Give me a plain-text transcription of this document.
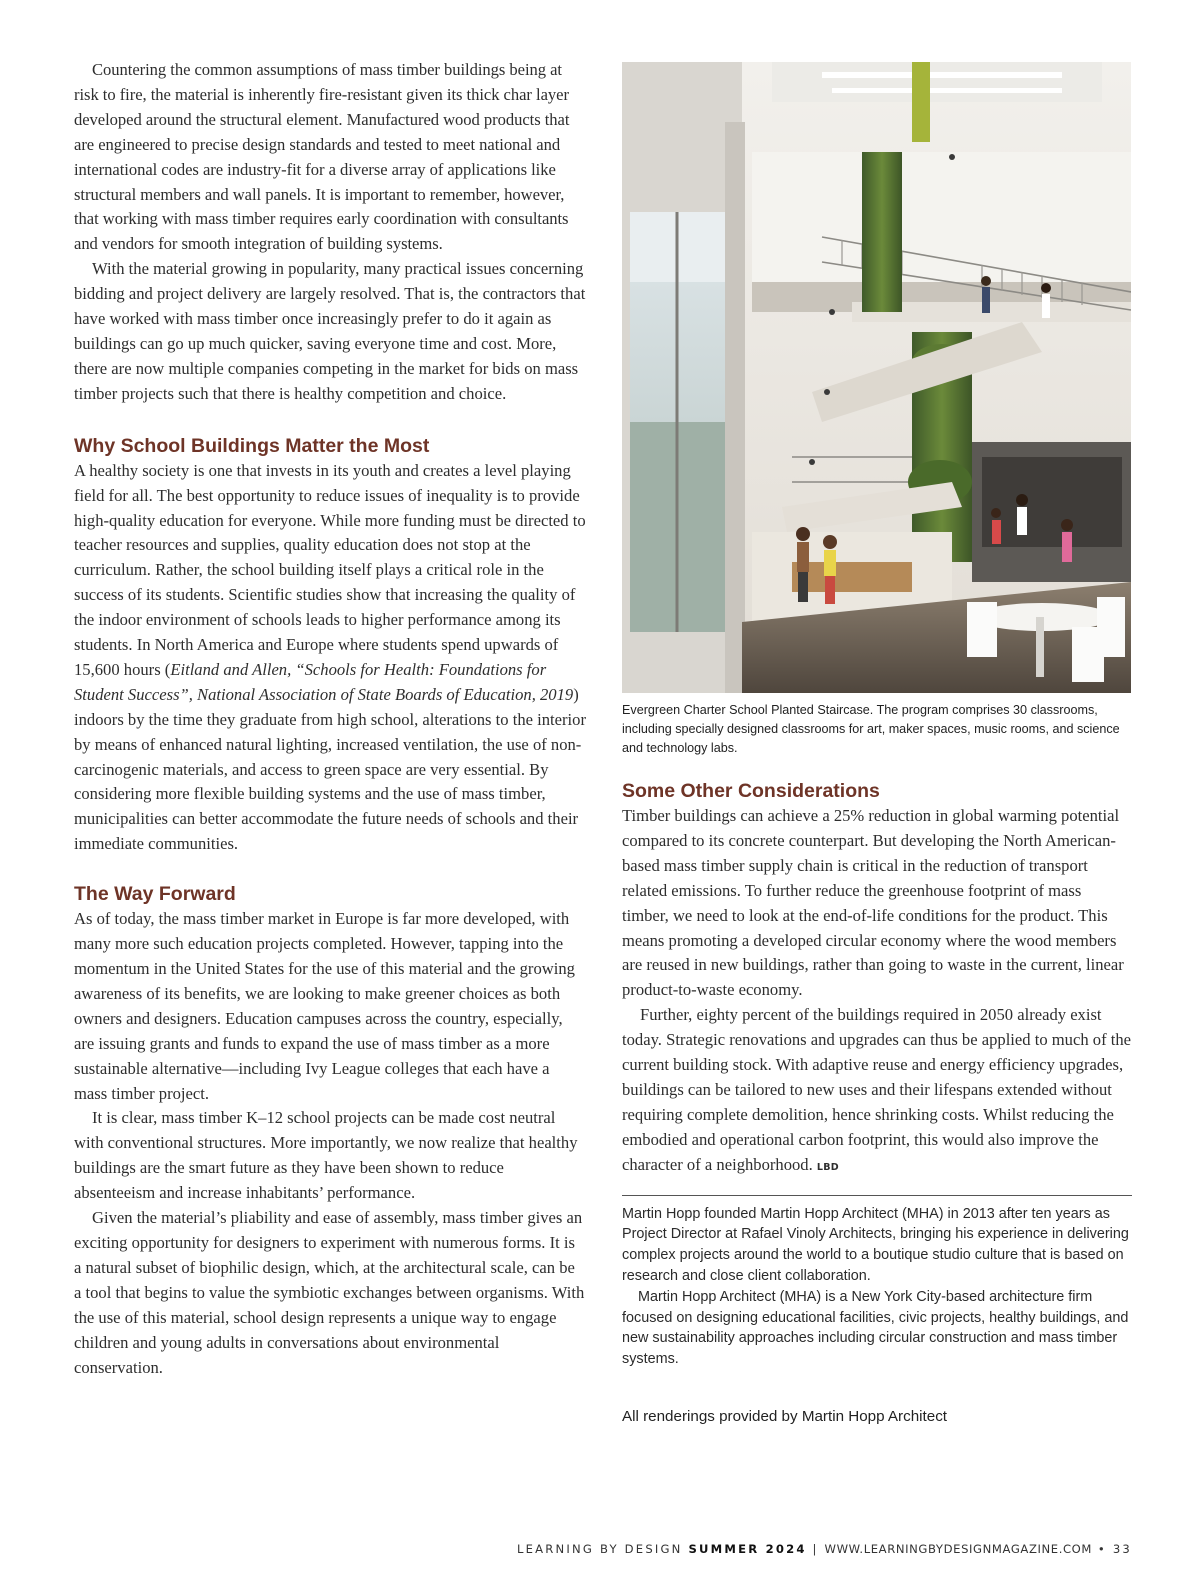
Countering the common assumptions of mass timber buildings being at risk to fire, the material is inherently fire-resistant given its thick char layer developed around the structural element. Manufactured wood products that are engineered to precise design standards and tested to meet national and international codes are industry-fit for a diverse array of applications like structural members and wall panels. It is important to remember, however, that working with mass timber requires early coordination with consultants and vendors for smooth integration of building systems.

With the material growing in popularity, many practical issues concerning bidding and project delivery are largely resolved. That is, the contractors that have worked with mass timber once increasingly prefer to do it again as buildings can go up much quicker, saving everyone time and cost. More, there are now multiple companies competing in the market for bids on mass timber projects such that there is healthy competition and choice.

Why School Buildings Matter the Most

A healthy society is one that invests in its youth and creates a level playing field for all. The best opportunity to reduce issues of inequality is to provide high-quality education for everyone. While more funding must be directed to teacher resources and supplies, quality education does not stop at the curriculum. Rather, the school building itself plays a critical role in the success of its students. Scientific studies show that increasing the quality of the indoor environment of schools leads to higher performance among its students. In North America and Europe where students spend upwards of 15,600 hours (Eitland and Allen, “Schools for Health: Foundations for Student Success”, National Association of State Boards of Education, 2019) indoors by the time they graduate from high school, alterations to the interior by means of enhanced natural lighting, increased ventilation, the use of non-carcinogenic materials, and access to green space are very essential. By considering more flexible building systems and the use of mass timber, municipalities can better accommodate the future needs of schools and their immediate communities.

The Way Forward

As of today, the mass timber market in Europe is far more developed, with many more such education projects completed. However, tapping into the momentum in the United States for the use of this material and the growing awareness of its benefits, we are looking to make greener choices as both owners and designers. Education campuses across the country, especially, are issuing grants and funds to expand the use of mass timber as a more sustainable alternative—including Ivy League colleges that each have a mass timber project.

It is clear, mass timber K–12 school projects can be made cost neutral with conventional structures. More importantly, we now realize that healthy buildings are the smart future as they have been shown to reduce absenteeism and increase inhabitants’ performance.

Given the material’s pliability and ease of assembly, mass timber gives an exciting opportunity for designers to experiment with numerous forms. It is a natural subset of biophilic design, which, at the architectural scale, can be a tool that begins to value the symbiotic exchanges between organisms. With the use of this material, school design represents a unique way to engage children and young adults in conversations about environmental conservation.

Evergreen Charter School Planted Staircase. The program comprises 30 classrooms, including specially designed classrooms for art, maker spaces, music rooms, and science and technology labs.

Some Other Considerations

Timber buildings can achieve a 25% reduction in global warming potential compared to its concrete counterpart. But developing the North American-based mass timber supply chain is critical in the reduction of transport related emissions. To further reduce the greenhouse footprint of mass timber, we need to look at the end-of-life conditions for the product. This means promoting a developed circular economy where the wood members are reused in new buildings, rather than going to waste in the current, linear product-to-waste economy.

Further, eighty percent of the buildings required in 2050 already exist today. Strategic renovations and upgrades can thus be applied to much of the current building stock. With adaptive reuse and energy efficiency upgrades, buildings can be tailored to new uses and their lifespans extended without requiring complete demolition, hence shrinking costs. Whilst reducing the embodied and operational carbon footprint, this would also improve the character of a neighborhood. LBD

Martin Hopp founded Martin Hopp Architect (MHA) in 2013 after ten years as Project Director at Rafael Vinoly Architects, bringing his experience in delivering complex projects around the world to a boutique studio culture that is based on research and close client collaboration.

Martin Hopp Architect (MHA) is a New York City-based architecture firm focused on designing educational facilities, civic projects, healthy buildings, and new sustainability approaches including circular construction and mass timber systems.

All renderings provided by Martin Hopp Architect

LEARNING BY DESIGN SUMMER 2024 | WWW.LEARNINGBYDESIGNMAGAZINE.COM • 33
